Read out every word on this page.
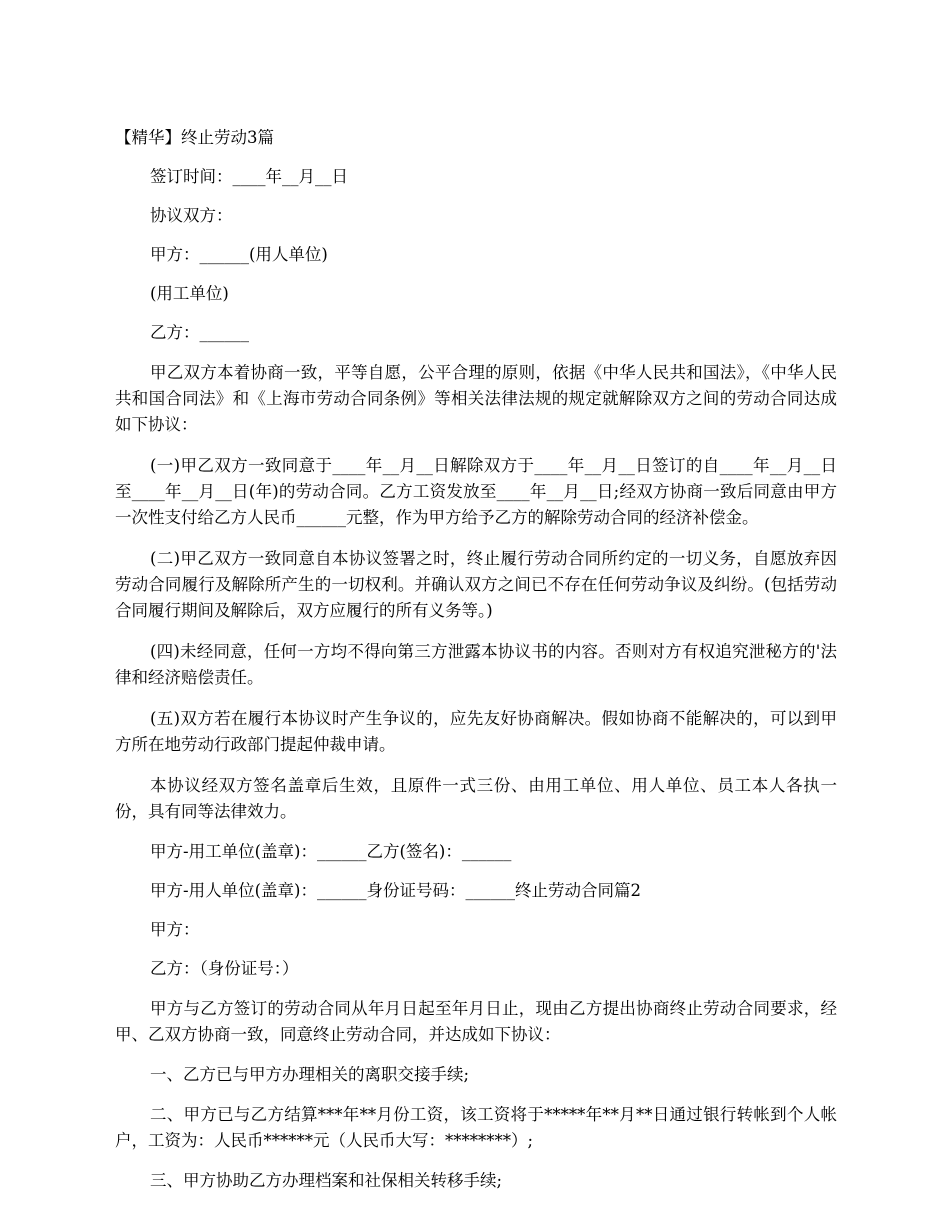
【精华】终止劳动3篇
签订时间：____年__月__日
协议双方：
甲方：______(用人单位)
(用工单位)
乙方：______
甲乙双方本着协商一致，平等自愿，公平合理的原则，依据《中华人民共和国法》，《中华人民共和国合同法》和《上海市劳动合同条例》等相关法律法规的规定就解除双方之间的劳动合同达成如下协议：
(一)甲乙双方一致同意于____年__月__日解除双方于____年__月__日签订的自____年__月__日至____年__月__日(年)的劳动合同。乙方工资发放至____年__月__日;经双方协商一致后同意由甲方一次性支付给乙方人民币______元整，作为甲方给予乙方的解除劳动合同的经济补偿金。
(二)甲乙双方一致同意自本协议签署之时，终止履行劳动合同所约定的一切义务，自愿放弃因劳动合同履行及解除所产生的一切权利。并确认双方之间已不存在任何劳动争议及纠纷。(包括劳动合同履行期间及解除后，双方应履行的所有义务等。)
(四)未经同意，任何一方均不得向第三方泄露本协议书的内容。否则对方有权追究泄秘方的'法律和经济赔偿责任。
(五)双方若在履行本协议时产生争议的，应先友好协商解决。假如协商不能解决的，可以到甲方所在地劳动行政部门提起仲裁申请。
本协议经双方签名盖章后生效，且原件一式三份、由用工单位、用人单位、员工本人各执一份，具有同等法律效力。
甲方-用工单位(盖章)：______乙方(签名)：______
甲方-用人单位(盖章)：______身份证号码：______终止劳动合同篇2
甲方：
乙方：（身份证号：）
甲方与乙方签订的劳动合同从年月日起至年月日止，现由乙方提出协商终止劳动合同要求，经甲、乙双方协商一致，同意终止劳动合同，并达成如下协议：
一、乙方已与甲方办理相关的离职交接手续;
二、甲方已与乙方结算***年**月份工资，该工资将于*****年**月**日通过银行转帐到个人帐户，工资为：人民币******元（人民币大写：********）;
三、甲方协助乙方办理档案和社保相关转移手续;
